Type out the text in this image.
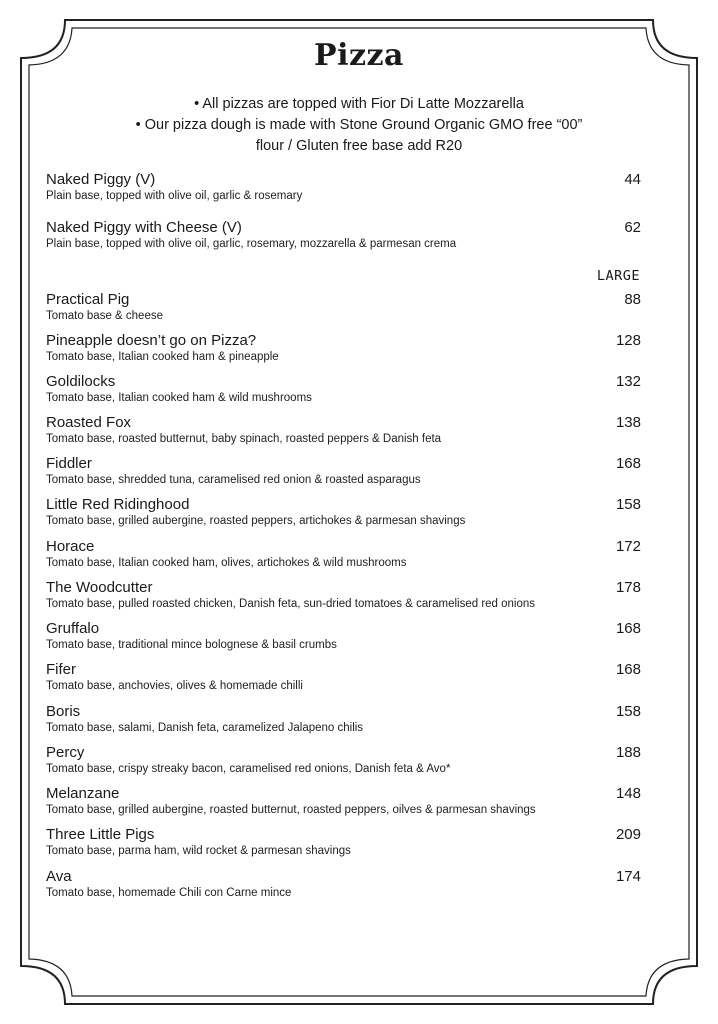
Pizza
• All pizzas are topped with Fior Di Latte Mozzarella
• Our pizza dough is made with Stone Ground Organic GMO free “00”
flour / Gluten free base add R20
LARGE
Naked Piggy (V)
Plain base, topped with olive oil, garlic & rosemary
44
Naked Piggy with Cheese (V)
Plain base, topped with olive oil, garlic, rosemary, mozzarella & parmesan crema
62
Practical Pig
Tomato base & cheese
88
Pineapple doesn’t go on Pizza?
Tomato base, Italian cooked ham & pineapple
128
Goldilocks
Tomato base, Italian cooked ham & wild mushrooms
132
Roasted Fox
Tomato base, roasted butternut, baby spinach, roasted peppers & Danish feta
138
Fiddler
Tomato base, shredded tuna, caramelised red onion & roasted asparagus
168
Little Red Ridinghood
Tomato base, grilled aubergine, roasted peppers, artichokes & parmesan shavings
158
Horace
Tomato base, Italian cooked ham, olives, artichokes & wild mushrooms
172
The Woodcutter
Tomato base, pulled roasted chicken, Danish feta, sun-dried tomatoes & caramelised red onions
178
Gruffalo
Tomato base, traditional mince bolognese & basil crumbs
168
Fifer
Tomato base, anchovies, olives & homemade chilli
168
Boris
Tomato base, salami, Danish feta, caramelized Jalapeno chilis
158
Percy
Tomato base, crispy streaky bacon, caramelised red onions, Danish feta & Avo*
188
Melanzane
Tomato base, grilled aubergine, roasted butternut, roasted peppers, oilves & parmesan shavings
148
Three Little Pigs
Tomato base, parma ham, wild rocket & parmesan shavings
209
Ava
Tomato base, homemade Chili con Carne mince
174
